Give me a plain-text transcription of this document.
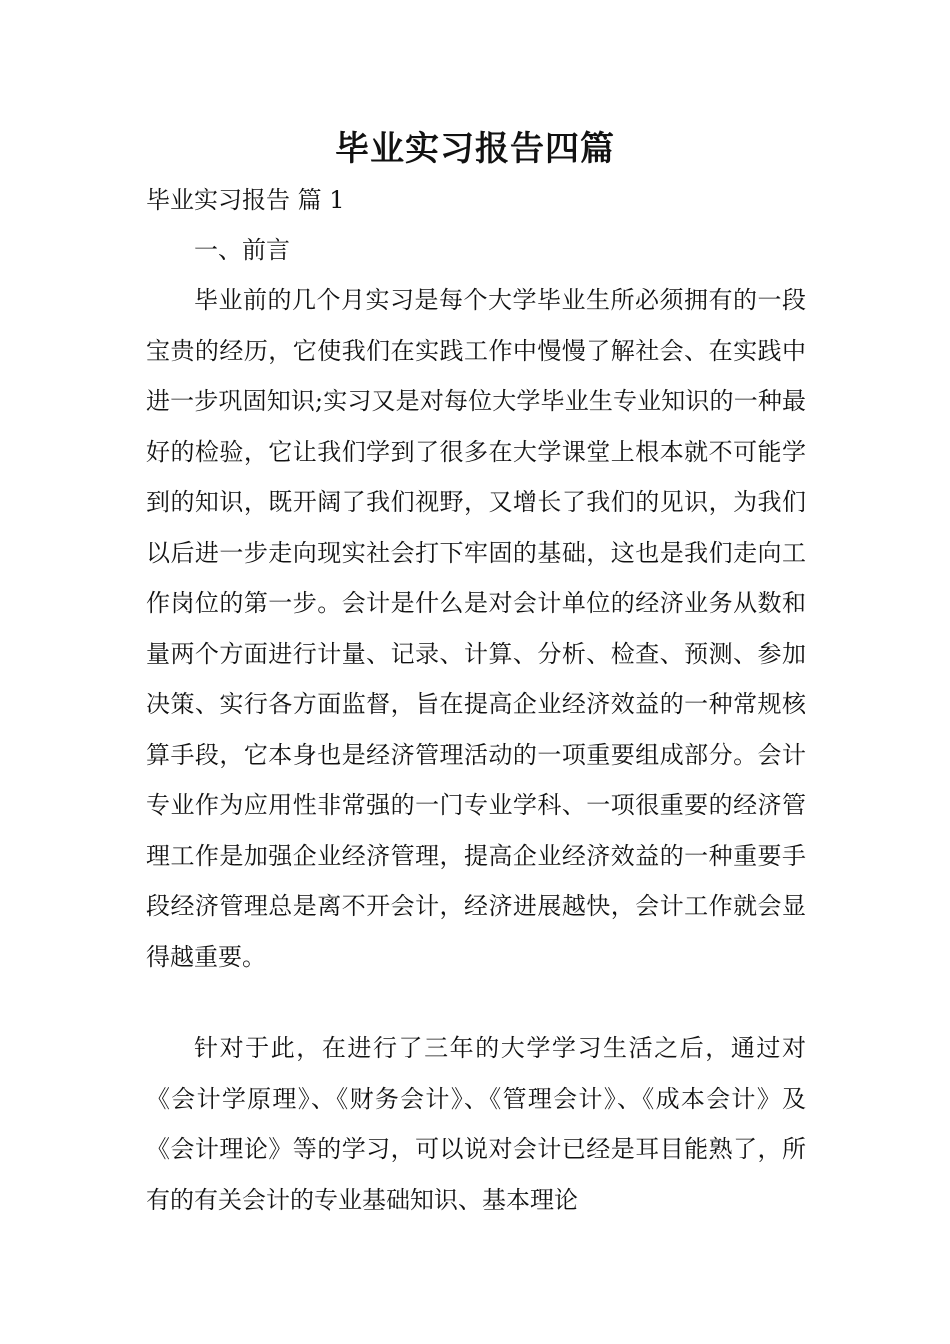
毕业实习报告四篇
毕业实习报告 篇 1
一、前言

毕业前的几个月实习是每个大学毕业生所必须拥有的一段宝贵的经历，它使我们在实践工作中慢慢了解社会、在实践中进一步巩固知识;实习又是对每位大学毕业生专业知识的一种最好的检验，它让我们学到了很多在大学课堂上根本就不可能学到的知识，既开阔了我们视野，又增长了我们的见识，为我们以后进一步走向现实社会打下牢固的基础，这也是我们走向工作岗位的第一步。会计是什么是对会计单位的经济业务从数和量两个方面进行计量、记录、计算、分析、检查、预测、参加决策、实行各方面监督，旨在提高企业经济效益的一种常规核算手段，它本身也是经济管理活动的一项重要组成部分。会计专业作为应用性非常强的一门专业学科、一项很重要的经济管理工作是加强企业经济管理，提高企业经济效益的一种重要手段经济管理总是离不开会计，经济进展越快，会计工作就会显得越重要。

针对于此，在进行了三年的大学学习生活之后，通过对《会计学原理》、《财务会计》、《管理会计》、《成本会计》及《会计理论》等的学习，可以说对会计已经是耳目能熟了，所有的有关会计的专业基础知识、基本理论
